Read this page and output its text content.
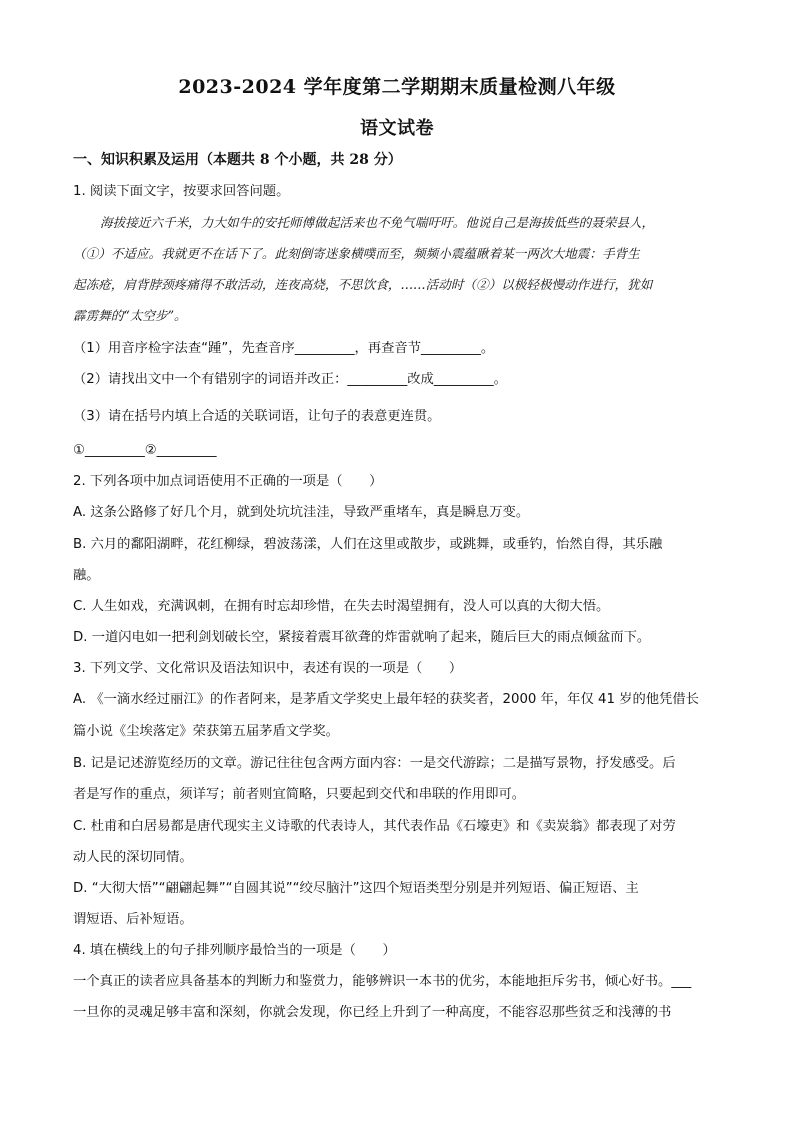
2023-2024 学年度第二学期期末质量检测八年级
语文试卷
一、知识积累及运用（本题共 8 个小题，共 28 分）
1. 阅读下面文字，按要求回答问题。
海拔接近六千米，力大如牛的安托师傅做起活来也不免气喘吁吁。他说自己是海拔低些的聂荣县人，
（①）不适应。我就更不在话下了。此刻倒寄迷象横噗而至，频频小震蕴瞅着某一两次大地震：手背生
起冻疮，肩背脖颈疼痛得不敢活动，连夜高烧，不思饮食，……活动时（②）以极轻极慢动作进行，犹如
霹雳舞的“太空步”。
（1）用音序检字法查“踵”，先查音序_________，再查音节_________。
（2）请找出文中一个有错别字的词语并改正：_________改成_________。
（3）请在括号内填上合适的关联词语，让句子的表意更连贯。
①_________②_________
2. 下列各项中加点词语使用不正确的一项是（　　）
A. 这条公路修了好几个月，就到处坑坑洼洼，导致严重堵车，真是瞬息万变。
B. 六月的鄱阳湖畔，花红柳绿，碧波荡漾，人们在这里或散步，或跳舞，或垂钓，怡然自得，其乐融
融。
C. 人生如戏，充满讽刺，在拥有时忘却珍惜，在失去时渴望拥有，没人可以真的大彻大悟。
D. 一道闪电如一把利剑划破长空，紧接着震耳欲聋的炸雷就响了起来，随后巨大的雨点倾盆而下。
3. 下列文学、文化常识及语法知识中，表述有误的一项是（　　）
A. 《一滴水经过丽江》的作者阿来，是茅盾文学奖史上最年轻的获奖者，2000 年，年仅 41 岁的他凭借长
篇小说《尘埃落定》荣获第五届茅盾文学奖。
B. 记是记述游览经历的文章。游记往往包含两方面内容：一是交代游踪；二是描写景物，抒发感受。后
者是写作的重点，须详写；前者则宜简略，只要起到交代和串联的作用即可。
C. 杜甫和白居易都是唐代现实主义诗歌的代表诗人，其代表作品《石壕吏》和《卖炭翁》都表现了对劳
动人民的深切同情。
D. “大彻大悟”“翩翩起舞”“自圆其说”“绞尽脑汁”这四个短语类型分别是并列短语、偏正短语、主
谓短语、后补短语。
4. 填在横线上的句子排列顺序最恰当的一项是（　　）
一个真正的读者应具备基本的判断力和鉴赏力，能够辨识一本书的优劣，本能地拒斥劣书，倾心好书。___
一旦你的灵魂足够丰富和深刻，你就会发现，你已经上升到了一种高度，不能容忍那些贫乏和浅薄的书
